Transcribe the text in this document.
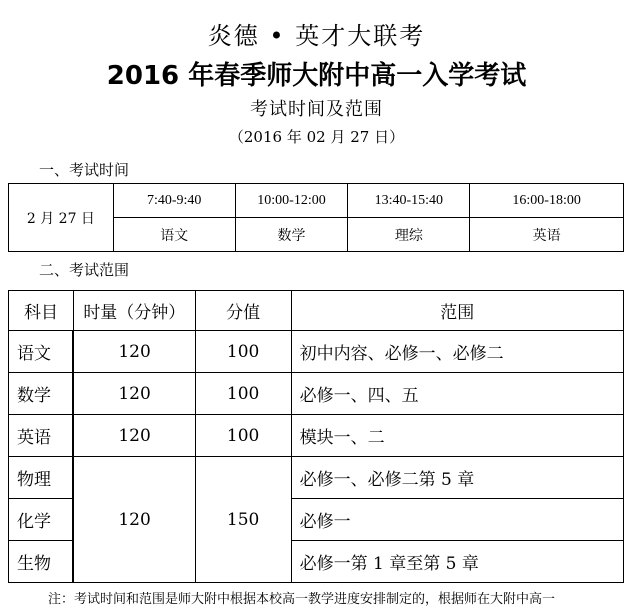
炎德 • 英才大联考
2016 年春季师大附中高一入学考试
考试时间及范围
（2016 年 02 月 27 日）
一、考试时间
2 月 27 日	7:40-9:40	10:00-12:00	13:40-15:40	16:00-18:00
	语文	数学	理综	英语
二、考试范围
科目	时量（分钟）	分值	范围
语文	120	100	初中内容、必修一、必修二
数学	120	100	必修一、四、五
英语	120	100	模块一、二
物理	120	150	必修一、必修二第 5 章
化学			必修一
生物			必修一第 1 章至第 5 章
注：考试时间和范围是师大附中根据本校高一教学进度安排制定的，根据师在大附中高一
